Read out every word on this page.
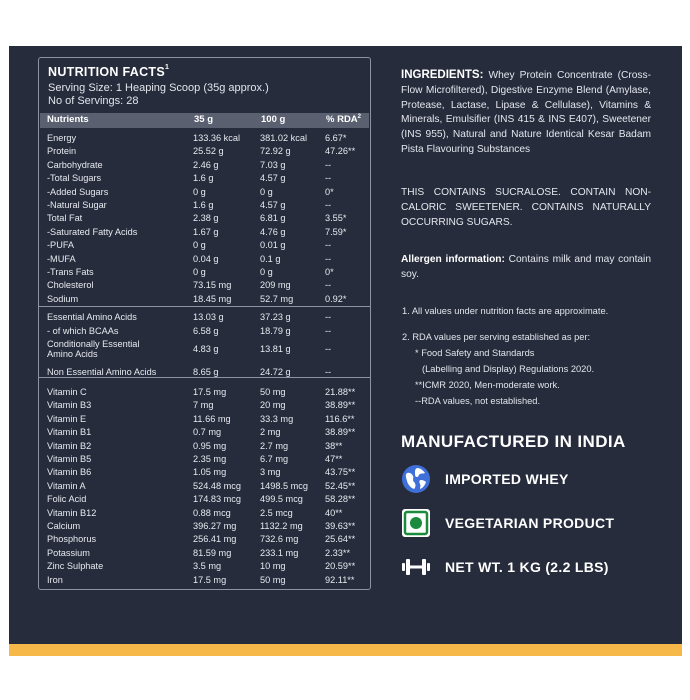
NUTRITION FACTS$^1$
Serving Size: 1 Heaping Scoop (35g approx.)
No of Servings: 28
Nutrients	35 g	100 g	% RDA$^2$
Energy	133.36 kcal 381.02 kcal 6.67*
Protein	25.52 g	72.92 g	47.26**
Carbohydrate	2.46 g	7.03 g	--
-Total Sugars	1.6 g	4.57 g	--
-Added Sugars	0 g	0 g	0*
-Natural Sugar	1.6 g	4.57 g	--
Total Fat	2.38 g	6.81 g	3.55*
-Saturated Fatty Acids	1.67 g	4.76 g	7.59*
-PUFA	0 g	0.01 g	--
-MUFA	0.04 g	0.1 g	--
-Trans Fats	0 g	0 g	0*
Cholesterol	73.15 mg	209 mg	--
Sodium	18.45 mg	52.7 mg	0.92*
Essential Amino Acids	13.03 g	37.23 g	--
- of which BCAAs	6.58 g	18.79 g	--
Conditionally Essential Amino Acids	4.83 g	13.81 g	--
Non Essential Amino Acids	8.65 g	24.72 g	--
Vitamin C	17.5 mg	50 mg	21.88**
Vitamin B3	7 mg	20 mg	38.89**
Vitamin E	11.66 mg	33.3 mg	116.6**
Vitamin B1	0.7 mg	2 mg	38.89**
Vitamin B2	0.95 mg	2.7 mg	38**
Vitamin B5	2.35 mg	6.7 mg	47**
Vitamin B6	1.05 mg	3 mg	43.75**
Vitamin A	524.48 mcg 1498.5 mcg 52.45**
Folic Acid	174.83 mcg 499.5 mcg 58.28**
Vitamin B12	0.88 mcg	2.5 mcg	40**
Calcium	396.27 mg	1132.2 mg 39.63**
Phosphorus	256.41 mg	732.6 mg	25.64**
Potassium	81.59 mg	233.1 mg	2.33**
Zinc Sulphate	3.5 mg	10 mg	20.59**
Iron	17.5 mg	50 mg	92.11**
INGREDIENTS: Whey Protein Concentrate (Cross-Flow Microfiltered), Digestive Enzyme Blend (Amylase, Protease, Lactase, Lipase & Cellulase), Vitamins & Minerals, Emulsifier (INS 415 & INS E407), Sweetener (INS 955), Natural and Nature Identical Kesar Badam Pista Flavouring Substances
THIS CONTAINS SUCRALOSE. CONTAIN NON-CALORIC SWEETENER. CONTAINS NATURALLY OCCURRING SUGARS.
Allergen information: Contains milk and may contain soy.
1. All values under nutrition facts are approximate.
2. RDA values per serving established as per:
* Food Safety and Standards
(Labelling and Display) Regulations 2020.
**ICMR 2020, Men-moderate work.
--RDA values, not established.
MANUFACTURED IN INDIA
IMPORTED WHEY
VEGETARIAN PRODUCT
NET WT. 1 KG (2.2 LBS)
